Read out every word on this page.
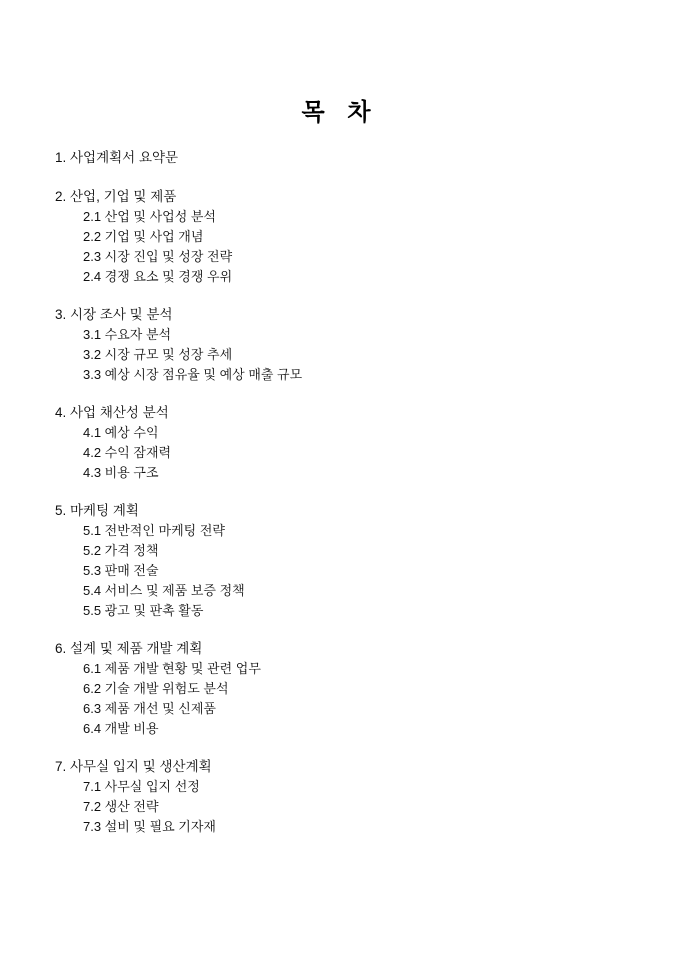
목 차
1. 사업계획서 요약문
2. 산업, 기업 및 제품
2.1 산업 및 사업성 분석
2.2 기업 및 사업 개념
2.3 시장 진입 및 성장 전략
2.4 경쟁 요소 및 경쟁 우위
3. 시장 조사 및 분석
3.1 수요자 분석
3.2 시장 규모 및 성장 추세
3.3 예상 시장 점유율 및 예상 매출 규모
4. 사업 채산성 분석
4.1 예상 수익
4.2 수익 잠재력
4.3 비용 구조
5. 마케팅 계획
5.1 전반적인 마케팅 전략
5.2 가격 정책
5.3 판매 전술
5.4 서비스 및 제품 보증 정책
5.5 광고 및 판촉 활동
6. 설계 및 제품 개발 계획
6.1 제품 개발 현황 및 관련 업무
6.2 기술 개발 위험도 분석
6.3 제품 개선 및 신제품
6.4 개발 비용
7. 사무실 입지 및 생산계획
7.1 사무실 입지 선정
7.2 생산 전략
7.3 설비 및 필요 기자재
